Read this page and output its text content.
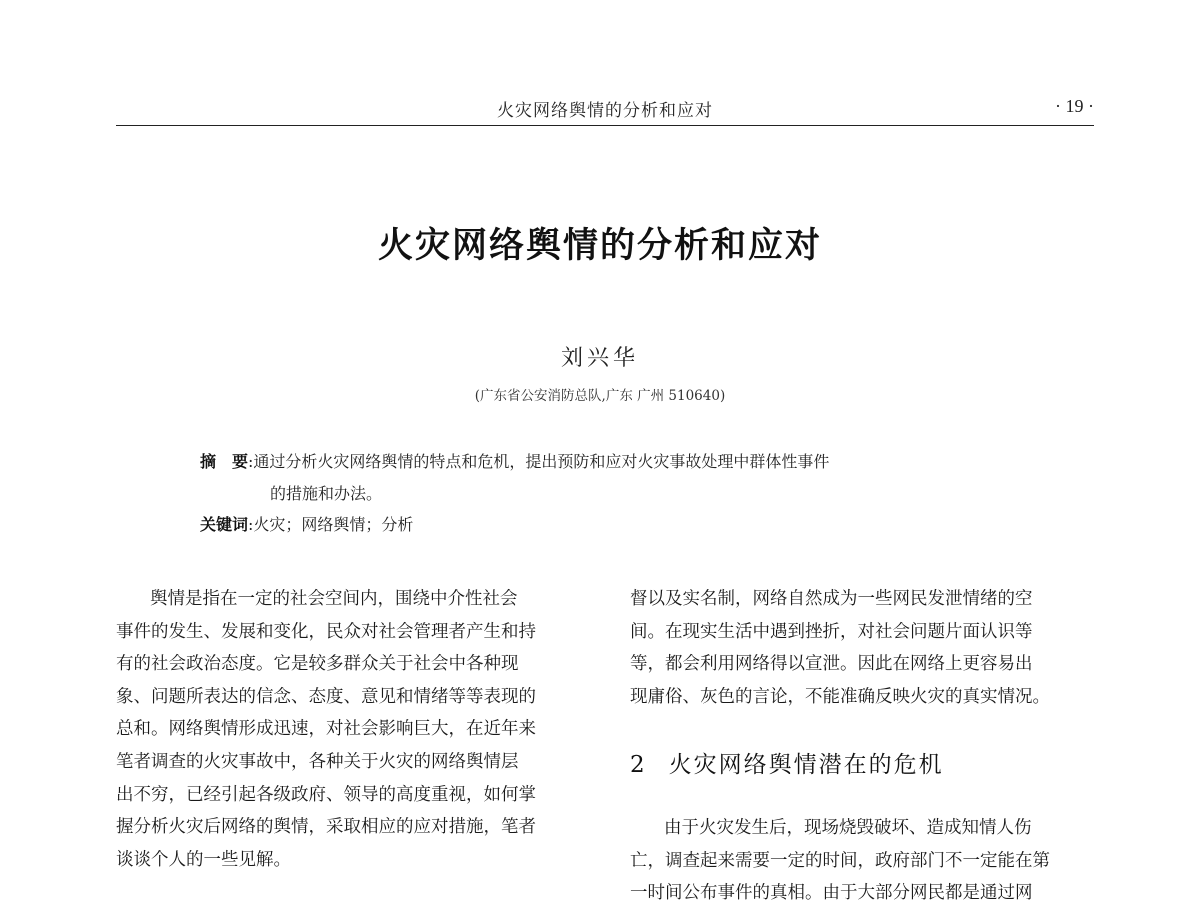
火灾网络舆情的分析和应对	· 19 ·
火灾网络舆情的分析和应对
刘兴华
(广东省公安消防总队,广东 广州 510640)
摘　要:通过分析火灾网络舆情的特点和危机，提出预防和应对火灾事故处理中群体性事件
的措施和办法。
关键词:火灾；网络舆情；分析
舆情是指在一定的社会空间内，围绕中介性社会
事件的发生、发展和变化，民众对社会管理者产生和持
有的社会政治态度。它是较多群众关于社会中各种现
象、问题所表达的信念、态度、意见和情绪等等表现的
总和。网络舆情形成迅速，对社会影响巨大，在近年来
笔者调查的火灾事故中，各种关于火灾的网络舆情层
出不穷，已经引起各级政府、领导的高度重视，如何掌
握分析火灾后网络的舆情，采取相应的应对措施，笔者
谈谈个人的一些见解。
督以及实名制，网络自然成为一些网民发泄情绪的空
间。在现实生活中遇到挫折，对社会问题片面认识等
等，都会利用网络得以宣泄。因此在网络上更容易出
现庸俗、灰色的言论，不能准确反映火灾的真实情况。
2 火灾网络舆情潜在的危机
由于火灾发生后，现场烧毁破坏、造成知情人伤
亡，调查起来需要一定的时间，政府部门不一定能在第
一时间公布事件的真相。由于大部分网民都是通过网
